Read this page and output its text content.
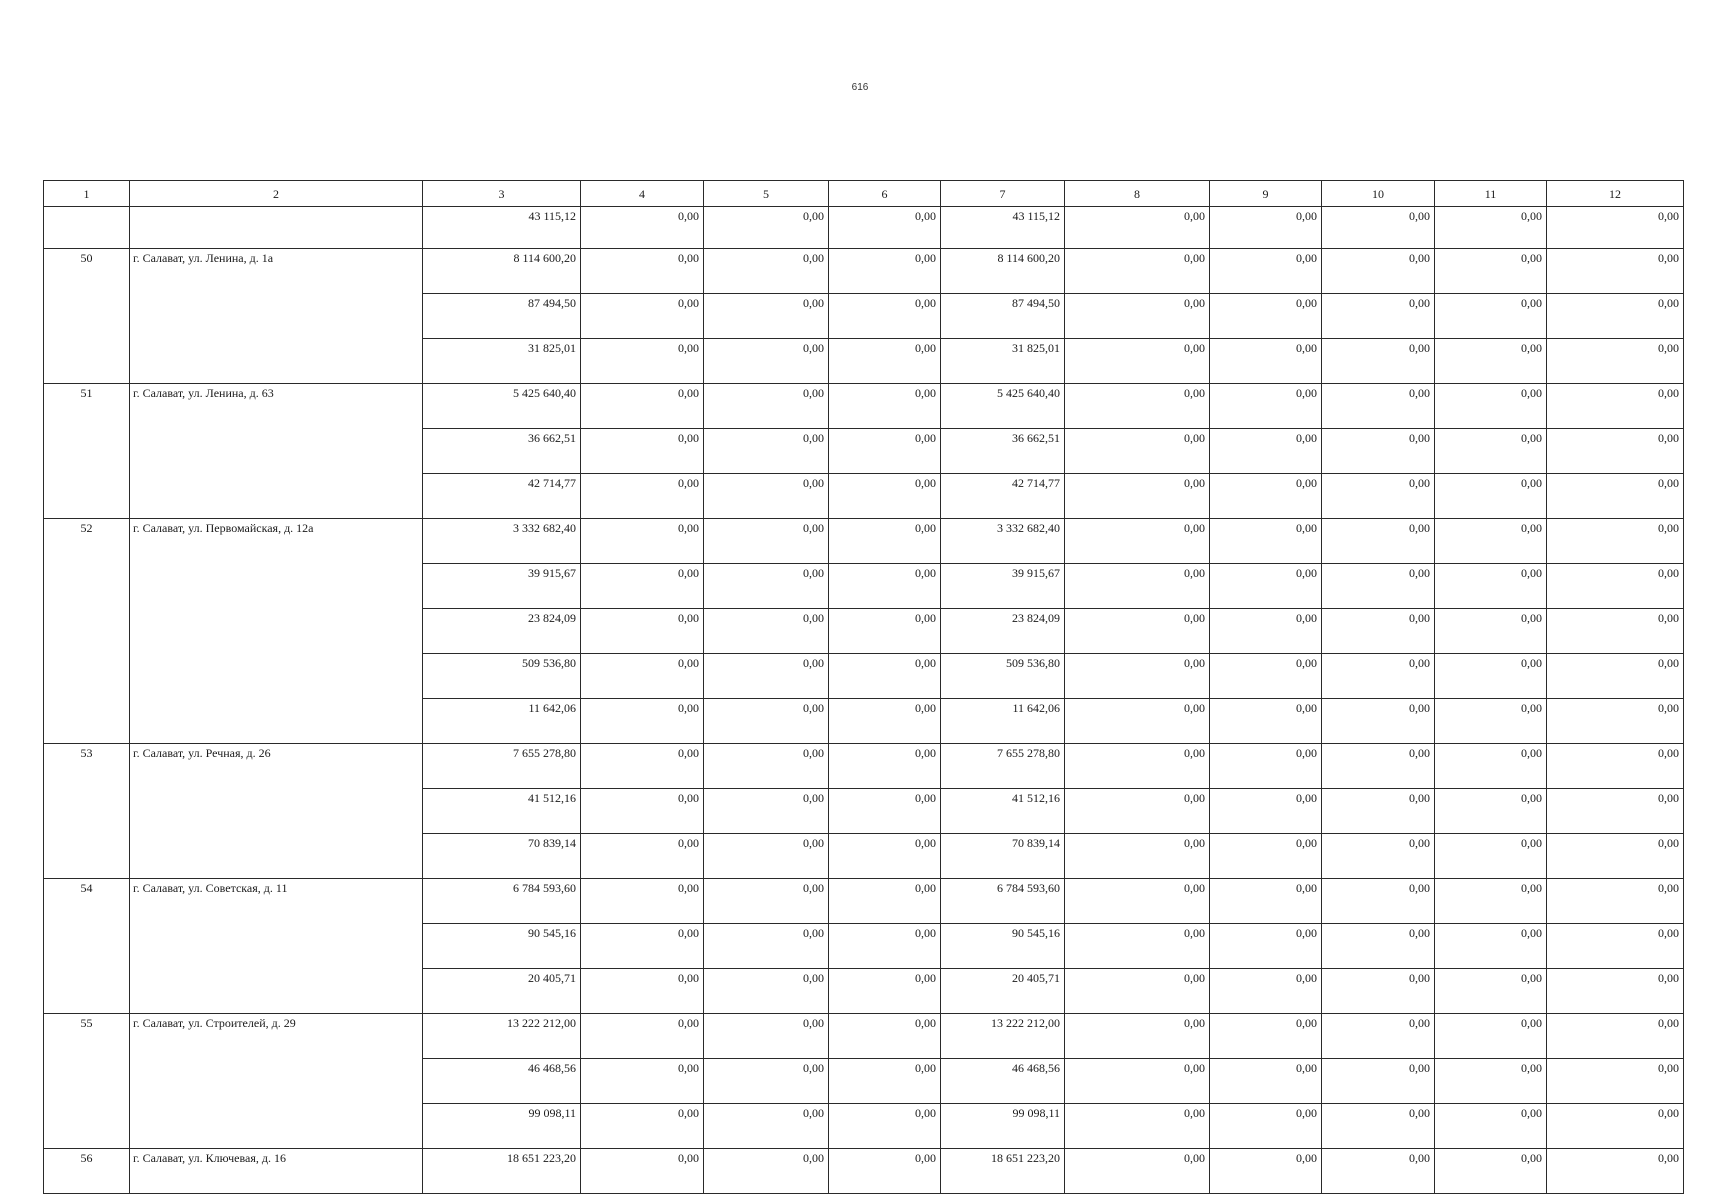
616
1	2	3	4	5	6	7	8	9	10	11	12
		43 115,12	0,00	0,00	0,00	43 115,12	0,00	0,00	0,00	0,00	0,00
50	г. Салават, ул. Ленина, д. 1а	8 114 600,20	0,00	0,00	0,00	8 114 600,20	0,00	0,00	0,00	0,00	0,00
		87 494,50	0,00	0,00	0,00	87 494,50	0,00	0,00	0,00	0,00	0,00
		31 825,01	0,00	0,00	0,00	31 825,01	0,00	0,00	0,00	0,00	0,00
51	г. Салават, ул. Ленина, д. 63	5 425 640,40	0,00	0,00	0,00	5 425 640,40	0,00	0,00	0,00	0,00	0,00
		36 662,51	0,00	0,00	0,00	36 662,51	0,00	0,00	0,00	0,00	0,00
		42 714,77	0,00	0,00	0,00	42 714,77	0,00	0,00	0,00	0,00	0,00
52	г. Салават, ул. Первомайская, д. 12а	3 332 682,40	0,00	0,00	0,00	3 332 682,40	0,00	0,00	0,00	0,00	0,00
		39 915,67	0,00	0,00	0,00	39 915,67	0,00	0,00	0,00	0,00	0,00
		23 824,09	0,00	0,00	0,00	23 824,09	0,00	0,00	0,00	0,00	0,00
		509 536,80	0,00	0,00	0,00	509 536,80	0,00	0,00	0,00	0,00	0,00
		11 642,06	0,00	0,00	0,00	11 642,06	0,00	0,00	0,00	0,00	0,00
53	г. Салават, ул. Речная, д. 26	7 655 278,80	0,00	0,00	0,00	7 655 278,80	0,00	0,00	0,00	0,00	0,00
		41 512,16	0,00	0,00	0,00	41 512,16	0,00	0,00	0,00	0,00	0,00
		70 839,14	0,00	0,00	0,00	70 839,14	0,00	0,00	0,00	0,00	0,00
54	г. Салават, ул. Советская, д. 11	6 784 593,60	0,00	0,00	0,00	6 784 593,60	0,00	0,00	0,00	0,00	0,00
		90 545,16	0,00	0,00	0,00	90 545,16	0,00	0,00	0,00	0,00	0,00
		20 405,71	0,00	0,00	0,00	20 405,71	0,00	0,00	0,00	0,00	0,00
55	г. Салават, ул. Строителей, д. 29	13 222 212,00	0,00	0,00	0,00	13 222 212,00	0,00	0,00	0,00	0,00	0,00
		46 468,56	0,00	0,00	0,00	46 468,56	0,00	0,00	0,00	0,00	0,00
		99 098,11	0,00	0,00	0,00	99 098,11	0,00	0,00	0,00	0,00	0,00
56	г. Салават, ул. Ключевая, д. 16	18 651 223,20	0,00	0,00	0,00	18 651 223,20	0,00	0,00	0,00	0,00	0,00
